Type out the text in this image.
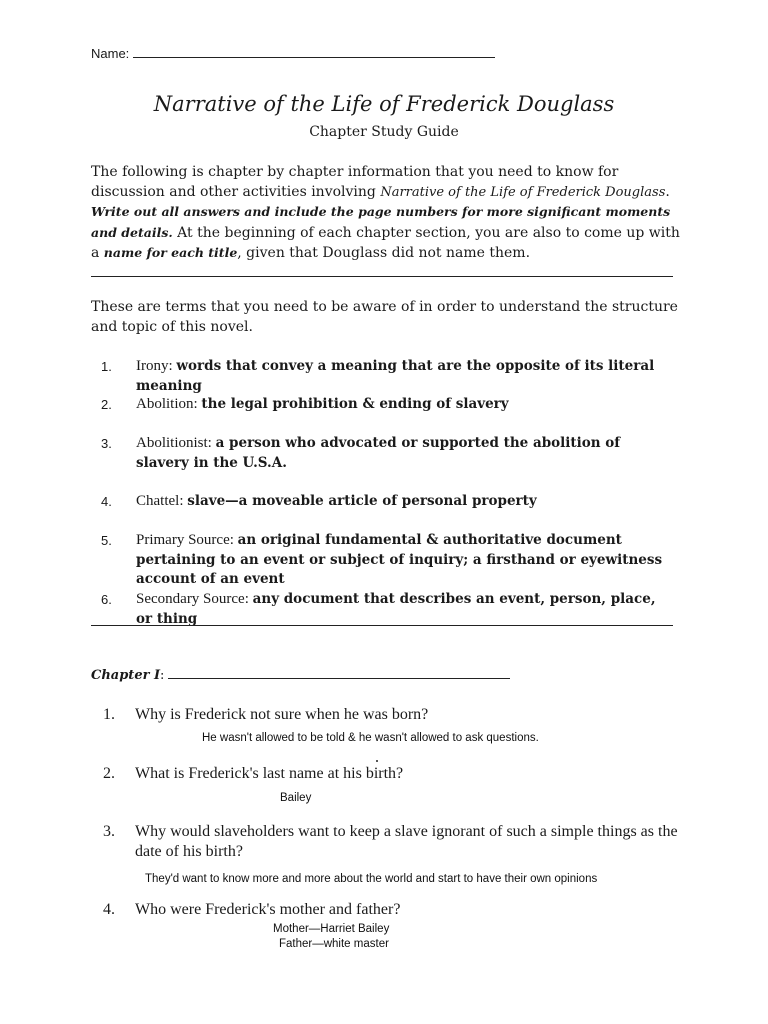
Name:
Narrative of the Life of Frederick Douglass
Chapter Study Guide
The following is chapter by chapter information that you need to know for discussion and other activities involving Narrative of the Life of Frederick Douglass. Write out all answers and include the page numbers for more significant moments and details. At the beginning of each chapter section, you are also to come up with a name for each title, given that Douglass did not name them.
These are terms that you need to be aware of in order to understand the structure and topic of this novel.
1. Irony: words that convey a meaning that are the opposite of its literal meaning
2. Abolition: the legal prohibition & ending of slavery
3. Abolitionist: a person who advocated or supported the abolition of slavery in the U.S.A.
4. Chattel: slave—a moveable article of personal property
5. Primary Source: an original fundamental & authoritative document pertaining to an event or subject of inquiry; a firsthand or eyewitness account of an event
6. Secondary Source: any document that describes an event, person, place, or thing
Chapter I:
1. Why is Frederick not sure when he was born?
He wasn't allowed to be told & he wasn't allowed to ask questions.
2. What is Frederick's last name at his birth?
Bailey
3. Why would slaveholders want to keep a slave ignorant of such a simple things as the date of his birth?
They'd want to know more and more about the world and start to have their own opinions
4. Who were Frederick's mother and father?
Mother—Harriet Bailey
Father—white master
